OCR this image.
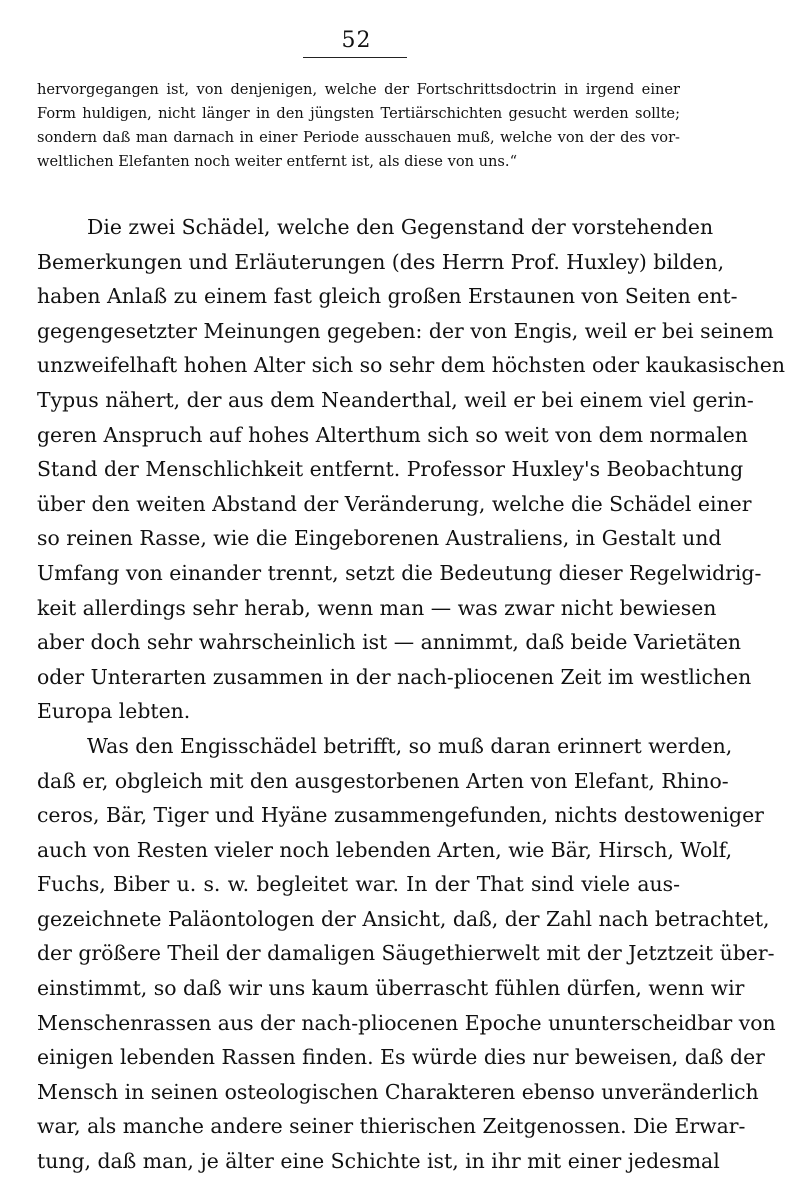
52
hervorgegangen ist, von denjenigen, welche der Fortschrittsdoctrin in irgend einer
Form huldigen, nicht länger in den jüngsten Tertiärschichten gesucht werden sollte;
sondern daß man darnach in einer Periode ausschauen muß, welche von der des vor-
weltlichen Elefanten noch weiter entfernt ist, als diese von uns.“
Die zwei Schädel, welche den Gegenstand der vorstehenden
Bemerkungen und Erläuterungen (des Herrn Prof. Huxley) bilden,
haben Anlaß zu einem fast gleich großen Erstaunen von Seiten ent-
gegengesetzter Meinungen gegeben: der von Engis, weil er bei seinem
unzweifelhaft hohen Alter sich so sehr dem höchsten oder kaukasischen
Typus nähert, der aus dem Neanderthal, weil er bei einem viel gerin-
geren Anspruch auf hohes Alterthum sich so weit von dem normalen
Stand der Menschlichkeit entfernt. Professor Huxley's Beobachtung
über den weiten Abstand der Veränderung, welche die Schädel einer
so reinen Rasse, wie die Eingeborenen Australiens, in Gestalt und
Umfang von einander trennt, setzt die Bedeutung dieser Regelwidrig-
keit allerdings sehr herab, wenn man — was zwar nicht bewiesen
aber doch sehr wahrscheinlich ist — annimmt, daß beide Varietäten
oder Unterarten zusammen in der nach-pliocenen Zeit im westlichen
Europa lebten.
Was den Engisschädel betrifft, so muß daran erinnert werden,
daß er, obgleich mit den ausgestorbenen Arten von Elefant, Rhino-
ceros, Bär, Tiger und Hyäne zusammengefunden, nichts destoweniger
auch von Resten vieler noch lebenden Arten, wie Bär, Hirsch, Wolf,
Fuchs, Biber u. s. w. begleitet war. In der That sind viele aus-
gezeichnete Paläontologen der Ansicht, daß, der Zahl nach betrachtet,
der größere Theil der damaligen Säugethierwelt mit der Jetztzeit über-
einstimmt, so daß wir uns kaum überrascht fühlen dürfen, wenn wir
Menschenrassen aus der nach-pliocenen Epoche ununterscheidbar von
einigen lebenden Rassen finden. Es würde dies nur beweisen, daß der
Mensch in seinen osteologischen Charakteren ebenso unveränderlich
war, als manche andere seiner thierischen Zeitgenossen. Die Erwar-
tung, daß man, je älter eine Schichte ist, in ihr mit einer jedesmal
